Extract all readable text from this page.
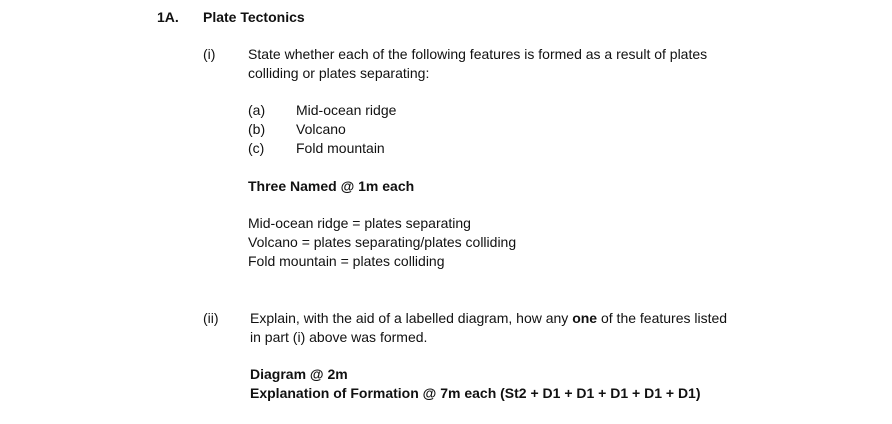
1A. Plate Tectonics
(i) State whether each of the following features is formed as a result of plates
colliding or plates separating:
(a) Mid-ocean ridge
(b) Volcano
(c) Fold mountain
Three Named @ 1m each
Mid-ocean ridge = plates separating
Volcano = plates separating/plates colliding
Fold mountain = plates colliding
(ii) Explain, with the aid of a labelled diagram, how any one of the features listed
in part (i) above was formed.
Diagram @ 2m
Explanation of Formation @ 7m each (St2 + D1 + D1 + D1 + D1 + D1)
